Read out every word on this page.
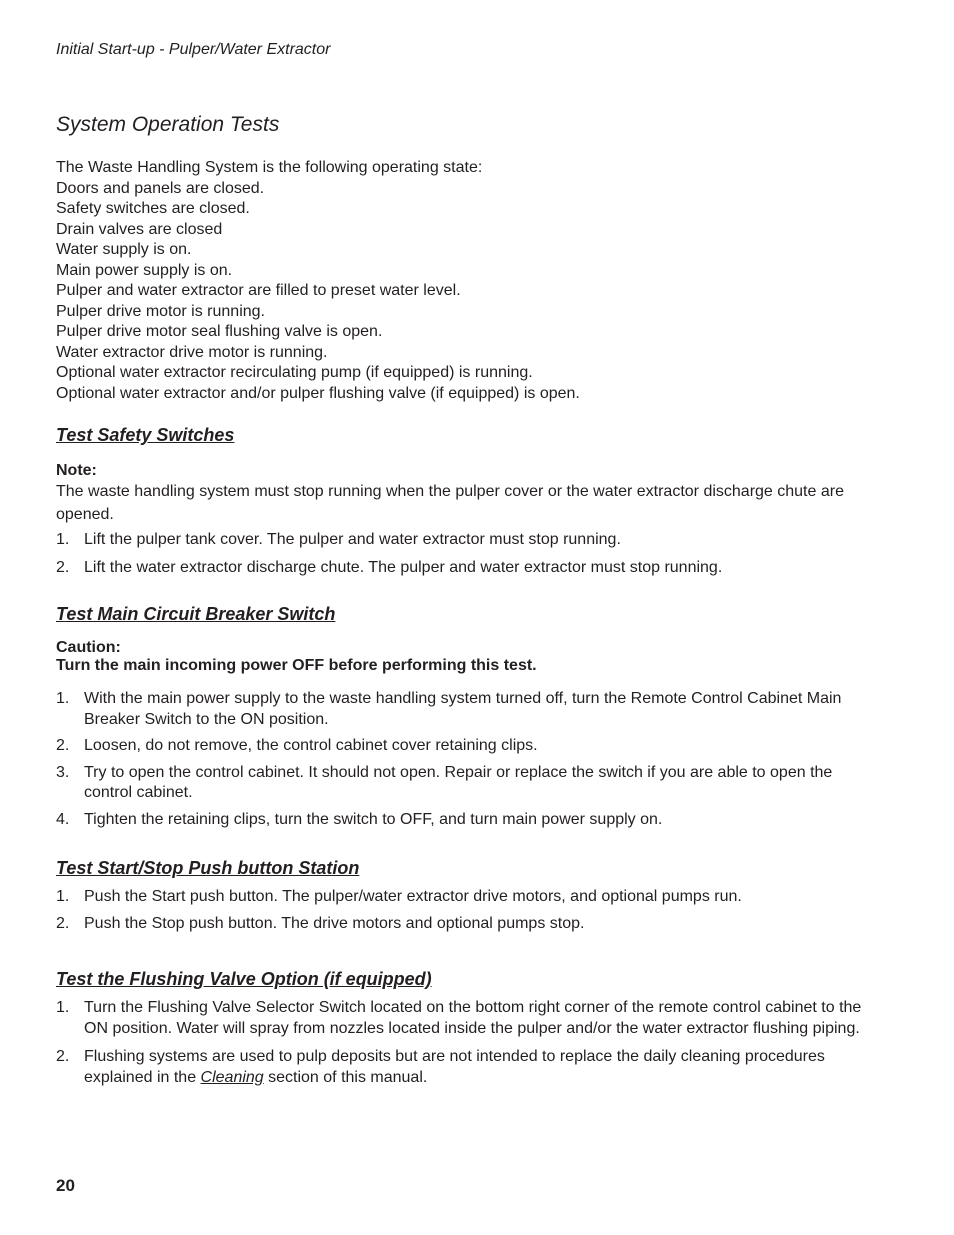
Initial Start-up - Pulper/Water Extractor
System Operation Tests
The Waste Handling System is the following operating state:
Doors and panels are closed.
Safety switches are closed.
Drain valves are closed
Water supply is on.
Main power supply is on.
Pulper and water extractor are filled to preset water level.
Pulper drive motor is running.
Pulper drive motor seal flushing valve is open.
Water extractor drive motor is running.
Optional water extractor recirculating pump (if equipped) is running.
Optional water extractor and/or pulper flushing valve (if equipped) is open.
Test Safety Switches
Note:
The waste handling system must stop running when the pulper cover or the water extractor discharge chute are opened.
1. Lift the pulper tank cover. The pulper and water extractor must stop running.
2. Lift the water extractor discharge chute. The pulper and water extractor must stop running.
Test Main Circuit Breaker Switch
Caution:
Turn the main incoming power OFF before performing this test.
1. With the main power supply to the waste handling system turned off, turn the Remote Control Cabinet Main Breaker Switch to the ON position.
2. Loosen, do not remove, the control cabinet cover retaining clips.
3. Try to open the control cabinet. It should not open. Repair or replace the switch if you are able to open the control cabinet.
4. Tighten the retaining clips, turn the switch to OFF, and turn main power supply on.
Test Start/Stop Push button Station
1. Push the Start push button. The pulper/water extractor drive motors, and optional pumps run.
2. Push the Stop push button. The drive motors and optional pumps stop.
Test the Flushing Valve Option (if equipped)
1. Turn the Flushing Valve Selector Switch located on the bottom right corner of the remote control cabinet to the ON position. Water will spray from nozzles located inside the pulper and/or the water extractor flushing piping.
2. Flushing systems are used to pulp deposits but are not intended to replace the daily cleaning procedures explained in the Cleaning section of this manual.
20
